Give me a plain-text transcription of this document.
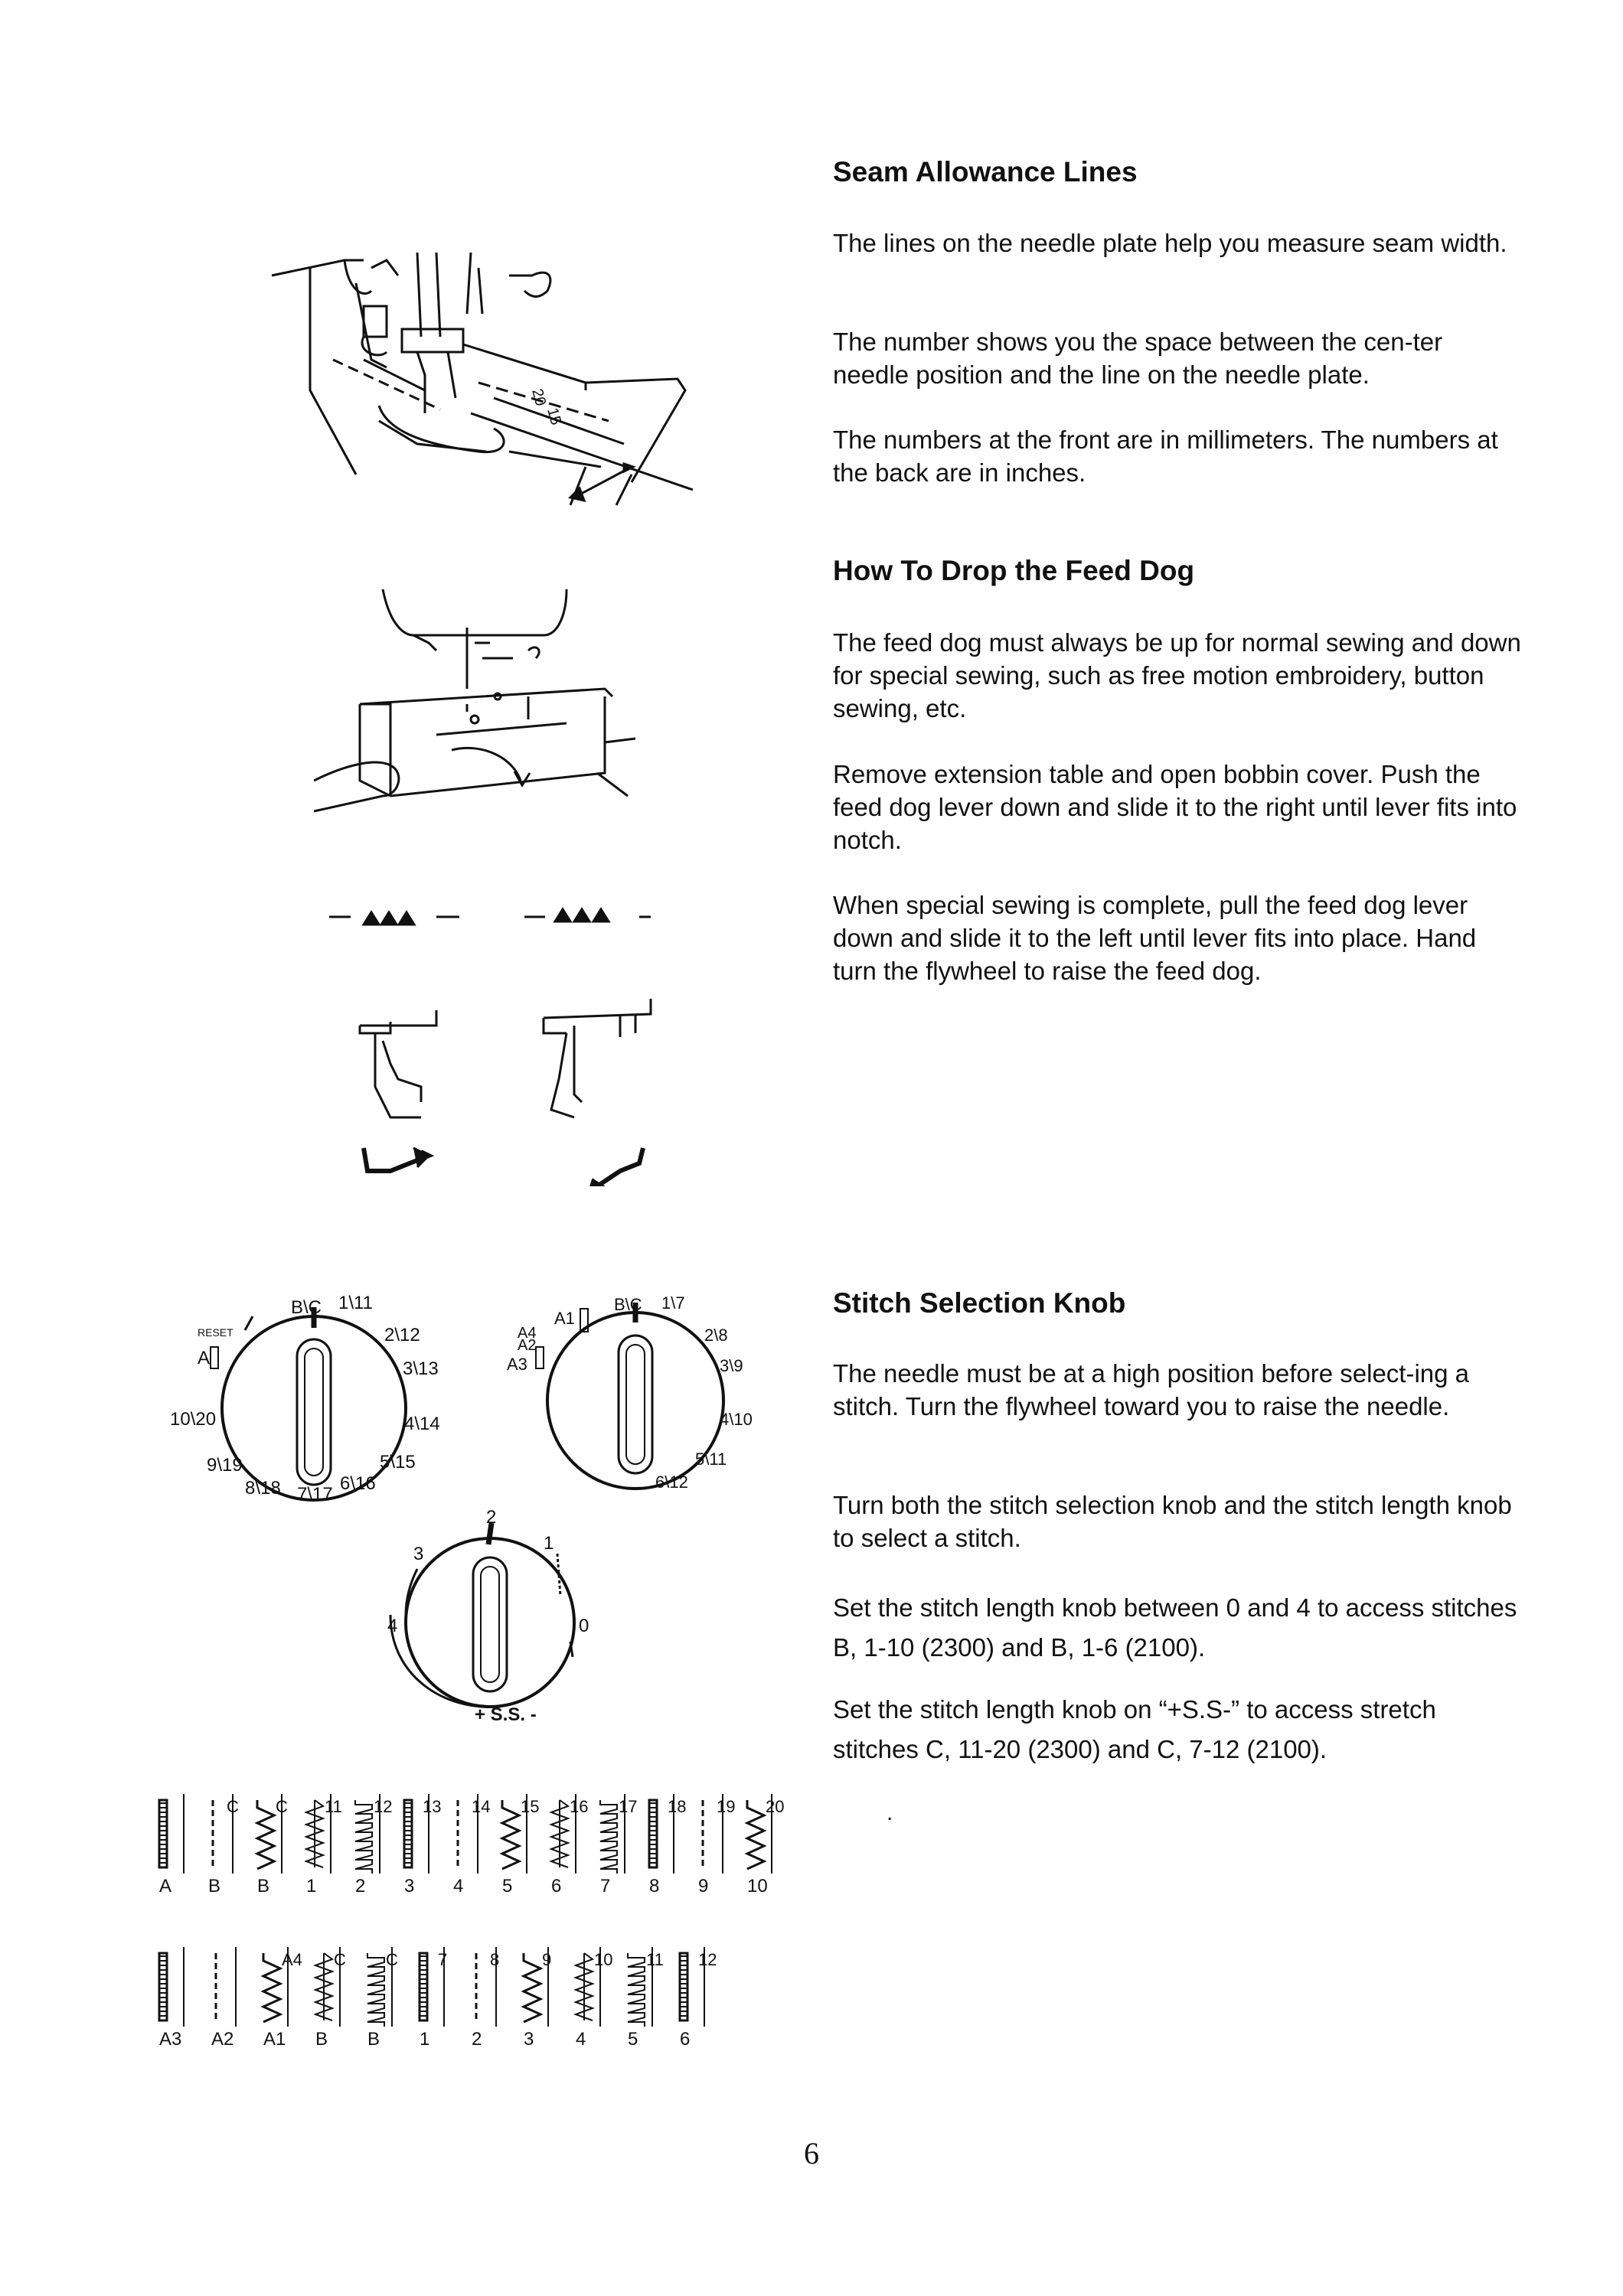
Seam Allowance Lines

The lines on the needle plate help you measure seam width.

The number shows you the space between the cen-ter needle position and the line on the needle plate.

The numbers at the front are in millimeters. The numbers at the back are in inches.

20
15
How To Drop the Feed Dog

The feed dog must always be up for normal sewing and down for special sewing, such as free motion embroidery, button sewing, etc.

Remove extension table and open bobbin cover. Push the feed dog lever down and slide it to the right until lever fits into notch.

When special sewing is complete, pull the feed dog lever down and slide it to the left until lever fits into place. Hand turn the flywheel to raise the feed dog.

Stitch Selection Knob

The needle must be at a high position before select-ing a stitch. Turn the flywheel toward you to raise the needle.

Turn both the stitch selection knob and the stitch length knob to select a stitch.

Set the stitch length knob between 0 and 4 to access stitches B, 1-10 (2300) and B, 1-6 (2100).

Set the stitch length knob on “+S.S-” to access stretch stitches C, 11-20 (2300) and C, 7-12 (2100).

.
RESET
A
B\C 1\11
2\12
3\13
4\14
5\15
6\16
7\17
8\18
9\19
10\20
A1
A4
A2
A3
B\C 1\7
2\8
3\9
4\10
5\11
6\12
2
3
1
4	0
+ S.S. -
A B B 1 2 3 4 5 6 7 8 9 10
C C 11 12 13 14 15 16 17 18 19 20
A3 A2 A1 B B 1 2 3 4 5 6
A4 C C 7	8	9	10 11 12
6
